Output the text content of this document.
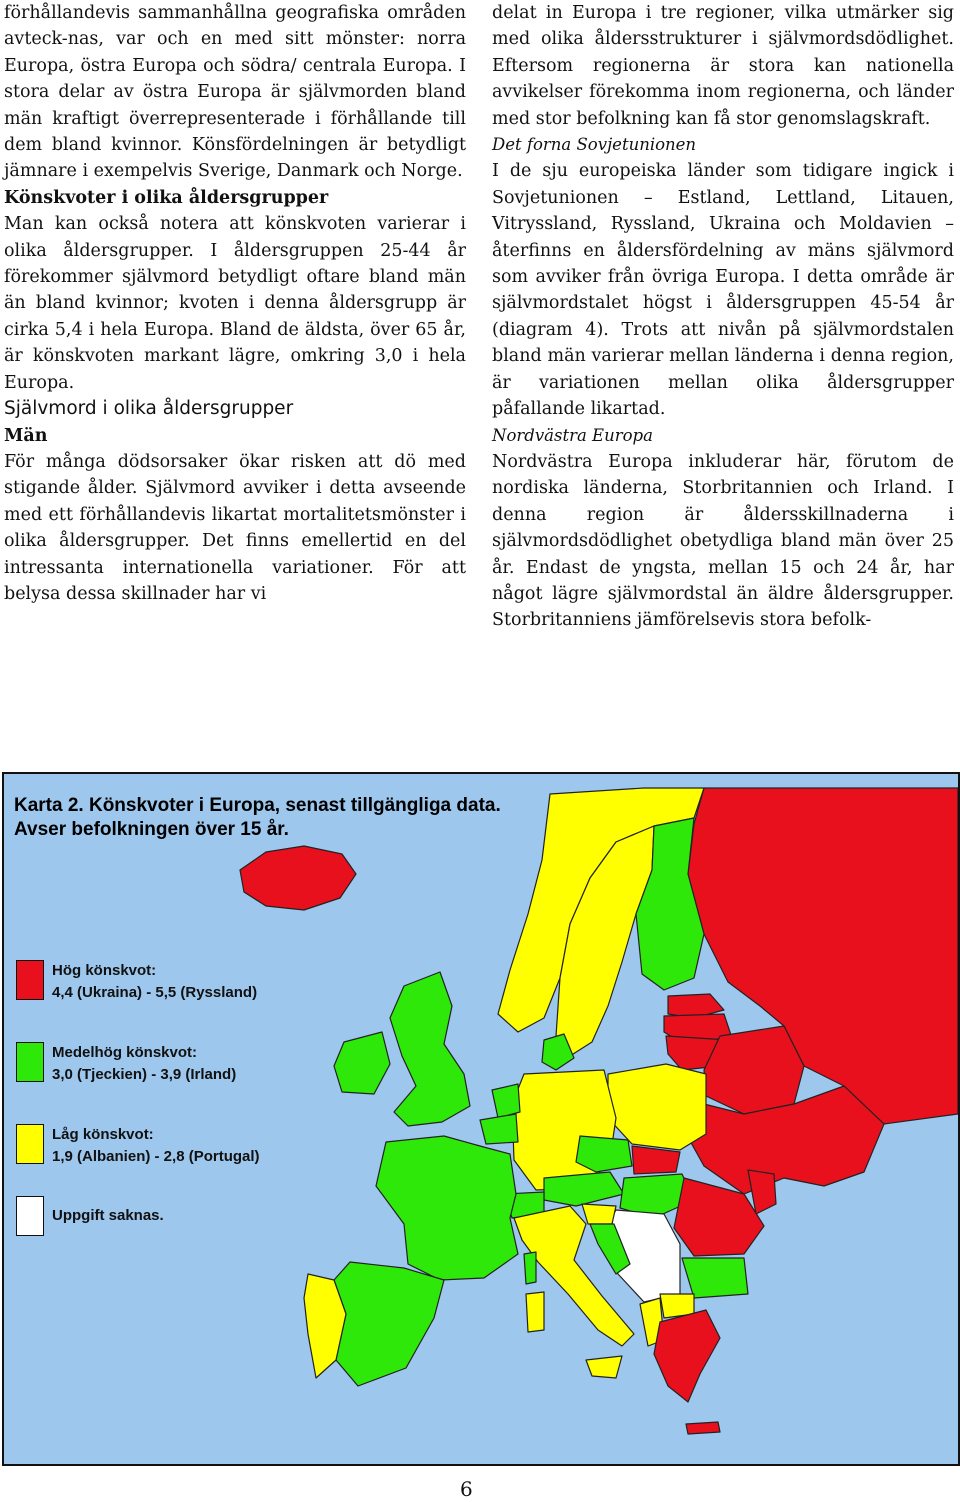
förhållandevis sammanhållna geografiska områden avteck-nas, var och en med sitt mönster: norra Europa, östra Europa och södra/ centrala Europa. I stora delar av östra Europa är självmorden bland män kraftigt överrepresenterade i förhållande till dem bland kvinnor. Könsfördelningen är betydligt jämnare i exempelvis Sverige, Danmark och Norge.

Könskvoter i olika åldersgrupper

Man kan också notera att könskvoten varierar i olika åldersgrupper. I åldersgruppen 25-44 år förekommer självmord betydligt oftare bland män än bland kvinnor; kvoten i denna åldersgrupp är cirka 5,4 i hela Europa. Bland de äldsta, över 65 år, är könskvoten markant lägre, omkring 3,0 i hela Europa.

Självmord i olika åldersgrupper

Män

För många dödsorsaker ökar risken att dö med stigande ålder. Självmord avviker i detta avseende med ett förhållandevis likartat mortalitetsmönster i olika åldersgrupper. Det finns emellertid en del intressanta internationella variationer. För att belysa dessa skillnader har vi

delat in Europa i tre regioner, vilka utmärker sig med olika åldersstrukturer i självmordsdödlighet. Eftersom regionerna är stora kan nationella avvikelser förekomma inom regionerna, och länder med stor befolkning kan få stor genomslagskraft.

Det forna Sovjetunionen

I de sju europeiska länder som tidigare ingick i Sovjetunionen – Estland, Lettland, Litauen, Vitryssland, Ryssland, Ukraina och Moldavien – återfinns en åldersfördelning av mäns självmord som avviker från övriga Europa. I detta område är självmordstalet högst i åldersgruppen 45-54 år (diagram 4). Trots att nivån på självmordstalen bland män varierar mellan länderna i denna region, är variationen mellan olika åldersgrupper påfallande likartad.

Nordvästra Europa

Nordvästra Europa inkluderar här, förutom de nordiska länderna, Storbritannien och Irland. I denna region är åldersskillnaderna i självmordsdödlighet obetydliga bland män över 25 år. Endast de yngsta, mellan 15 och 24 år, har något lägre självmordstal än äldre åldersgrupper. Storbritanniens jämförelsevis stora befolk-

Karta 2. Könskvoter i Europa, senast tillgängliga data.
Avser befolkningen över 15 år.
Hög könskvot:
4,4 (Ukraina) - 5,5 (Ryssland)
Medelhög könskvot:
3,0 (Tjeckien) - 3,9 (Irland)
Låg könskvot:
1,9 (Albanien) - 2,8 (Portugal)
Uppgift saknas.
6
